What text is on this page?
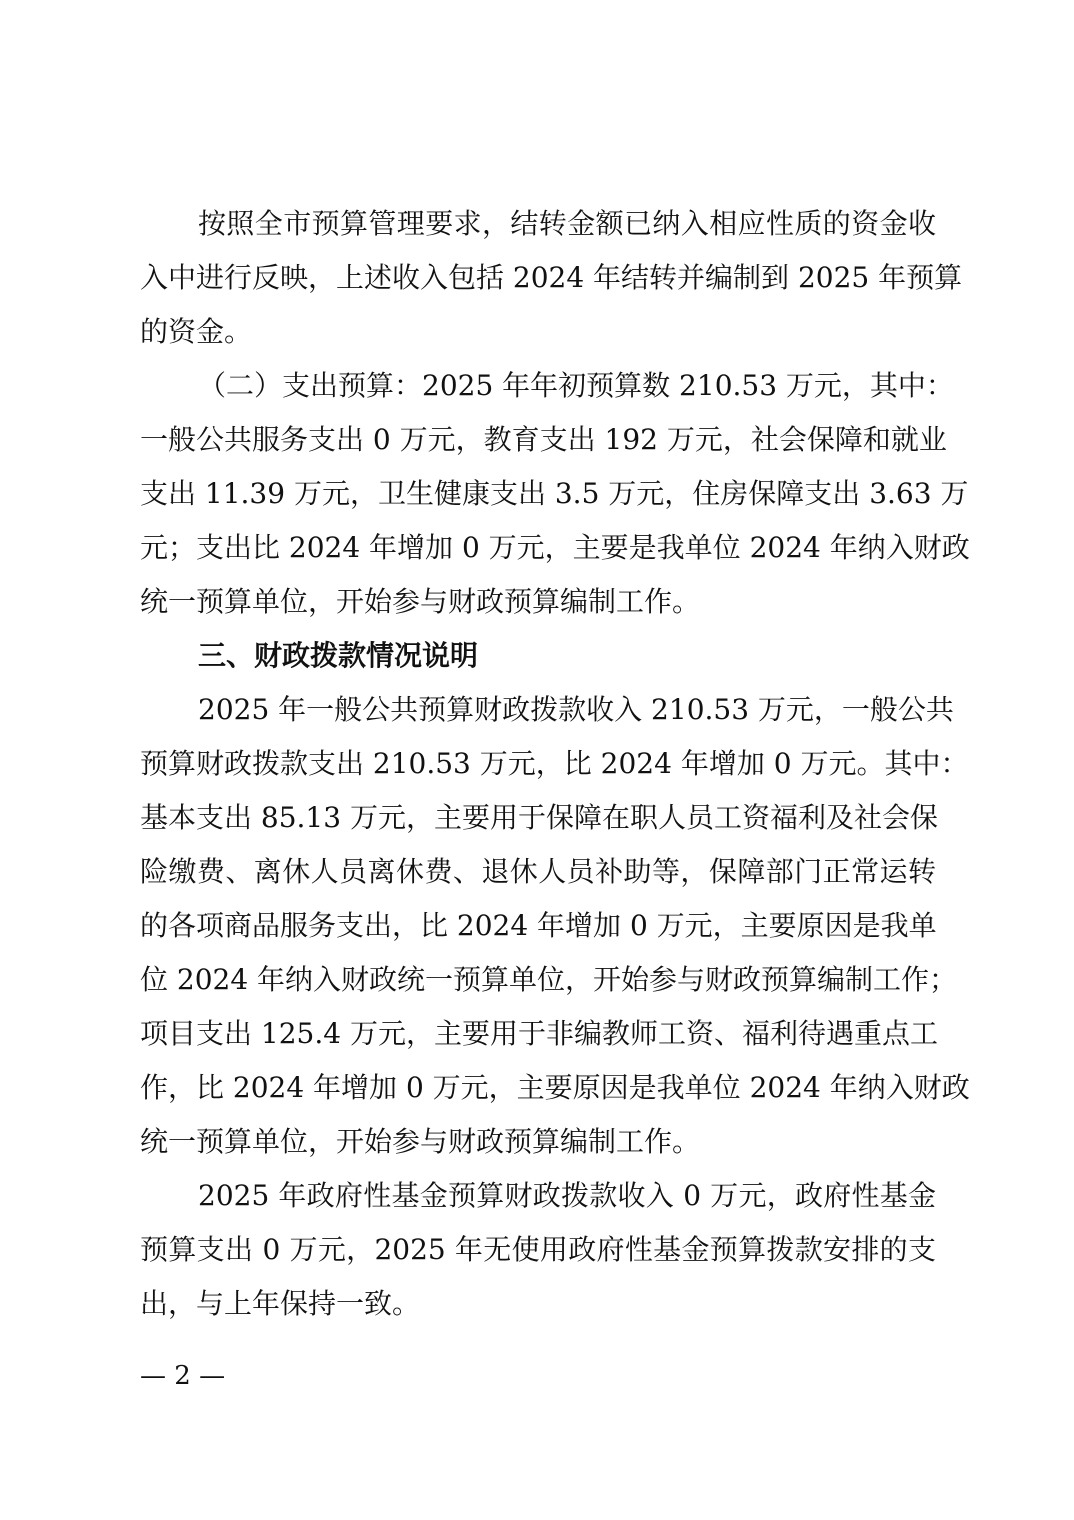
按照全市预算管理要求，结转金额已纳入相应性质的资金收
入中进行反映，上述收入包括 2024 年结转并编制到 2025 年预算
的资金。
（二）支出预算：2025 年年初预算数 210.53 万元，其中：
一般公共服务支出 0 万元，教育支出 192 万元，社会保障和就业
支出 11.39 万元，卫生健康支出 3.5 万元，住房保障支出 3.63 万
元；支出比 2024 年增加 0 万元，主要是我单位 2024 年纳入财政
统一预算单位，开始参与财政预算编制工作。
三、财政拨款情况说明
2025 年一般公共预算财政拨款收入 210.53 万元，一般公共
预算财政拨款支出 210.53 万元，比 2024 年增加 0 万元。其中：
基本支出 85.13 万元，主要用于保障在职人员工资福利及社会保
险缴费、离休人员离休费、退休人员补助等，保障部门正常运转
的各项商品服务支出，比 2024 年增加 0 万元，主要原因是我单
位 2024 年纳入财政统一预算单位，开始参与财政预算编制工作；
项目支出 125.4 万元，主要用于非编教师工资、福利待遇重点工
作，比 2024 年增加 0 万元，主要原因是我单位 2024 年纳入财政
统一预算单位，开始参与财政预算编制工作。
2025 年政府性基金预算财政拨款收入 0 万元，政府性基金
预算支出 0 万元，2025 年无使用政府性基金预算拨款安排的支
出，与上年保持一致。
— 2 —
